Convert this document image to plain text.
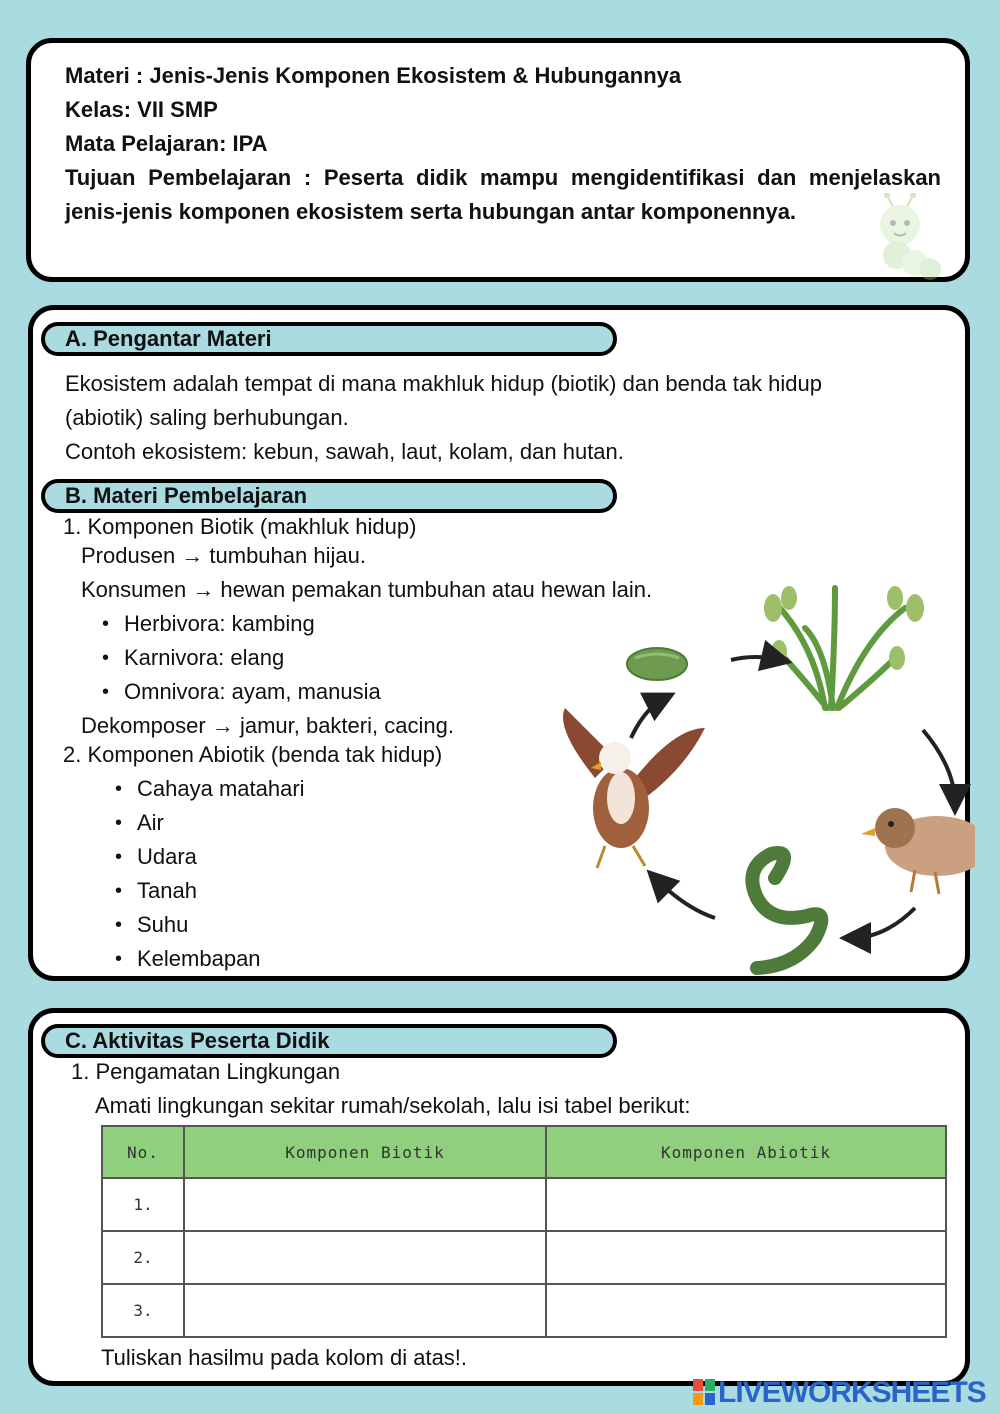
Materi : Jenis-Jenis Komponen Ekosistem & Hubungannya
Kelas: VII SMP
Mata Pelajaran: IPA
Tujuan Pembelajaran : Peserta didik mampu mengidentifikasi dan menjelaskan jenis-jenis komponen ekosistem serta hubungan antar komponennya.
A. Pengantar Materi
Ekosistem adalah tempat di mana makhluk hidup (biotik) dan benda tak hidup
(abiotik) saling berhubungan.
Contoh ekosistem: kebun, sawah, laut, kolam, dan hutan.
B. Materi Pembelajaran
1. Komponen Biotik (makhluk hidup)
Produsen → tumbuhan hijau.
Konsumen → hewan pemakan tumbuhan atau hewan lain.
• Herbivora: kambing
• Karnivora: elang
• Omnivora: ayam, manusia
Dekomposer → jamur, bakteri, cacing.
2. Komponen Abiotik (benda tak hidup)
• Cahaya matahari
• Air
• Udara
• Tanah
• Suhu
• Kelembapan
C. Aktivitas Peserta Didik
1. Pengamatan Lingkungan
Amati lingkungan sekitar rumah/sekolah, lalu isi tabel berikut:
No.	Komponen Biotik	Komponen Abiotik
1.		
2.		
3.		
Tuliskan hasilmu pada kolom di atas!.
LIVEWORKSHEETS
